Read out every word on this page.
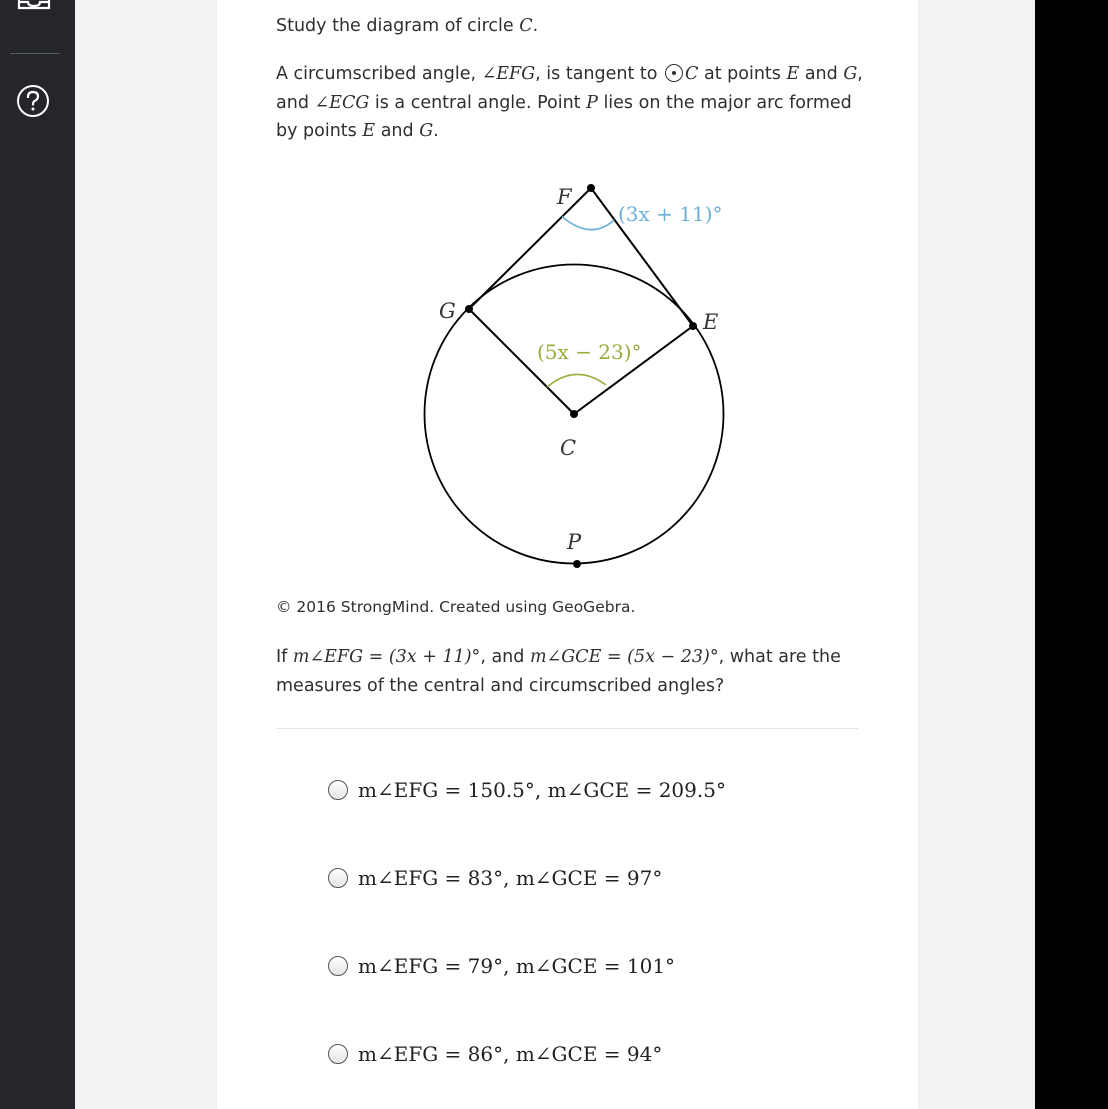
Study the diagram of circle C.
A circumscribed angle, ∠EFG, is tangent to C at points E and G, and ∠ECG is a central angle. Point P lies on the major arc formed by points E and G.
F
G	E
C
P
(3x + 11)°
(5x − 23)°
© 2016 StrongMind. Created using GeoGebra.
If m∠EFG = (3x + 11)°, and m∠GCE = (5x − 23)°, what are the measures of the central and circumscribed angles?
m∠EFG = 150.5°, m∠GCE = 209.5°
m∠EFG = 83°, m∠GCE = 97°
m∠EFG = 79°, m∠GCE = 101°
m∠EFG = 86°, m∠GCE = 94°
